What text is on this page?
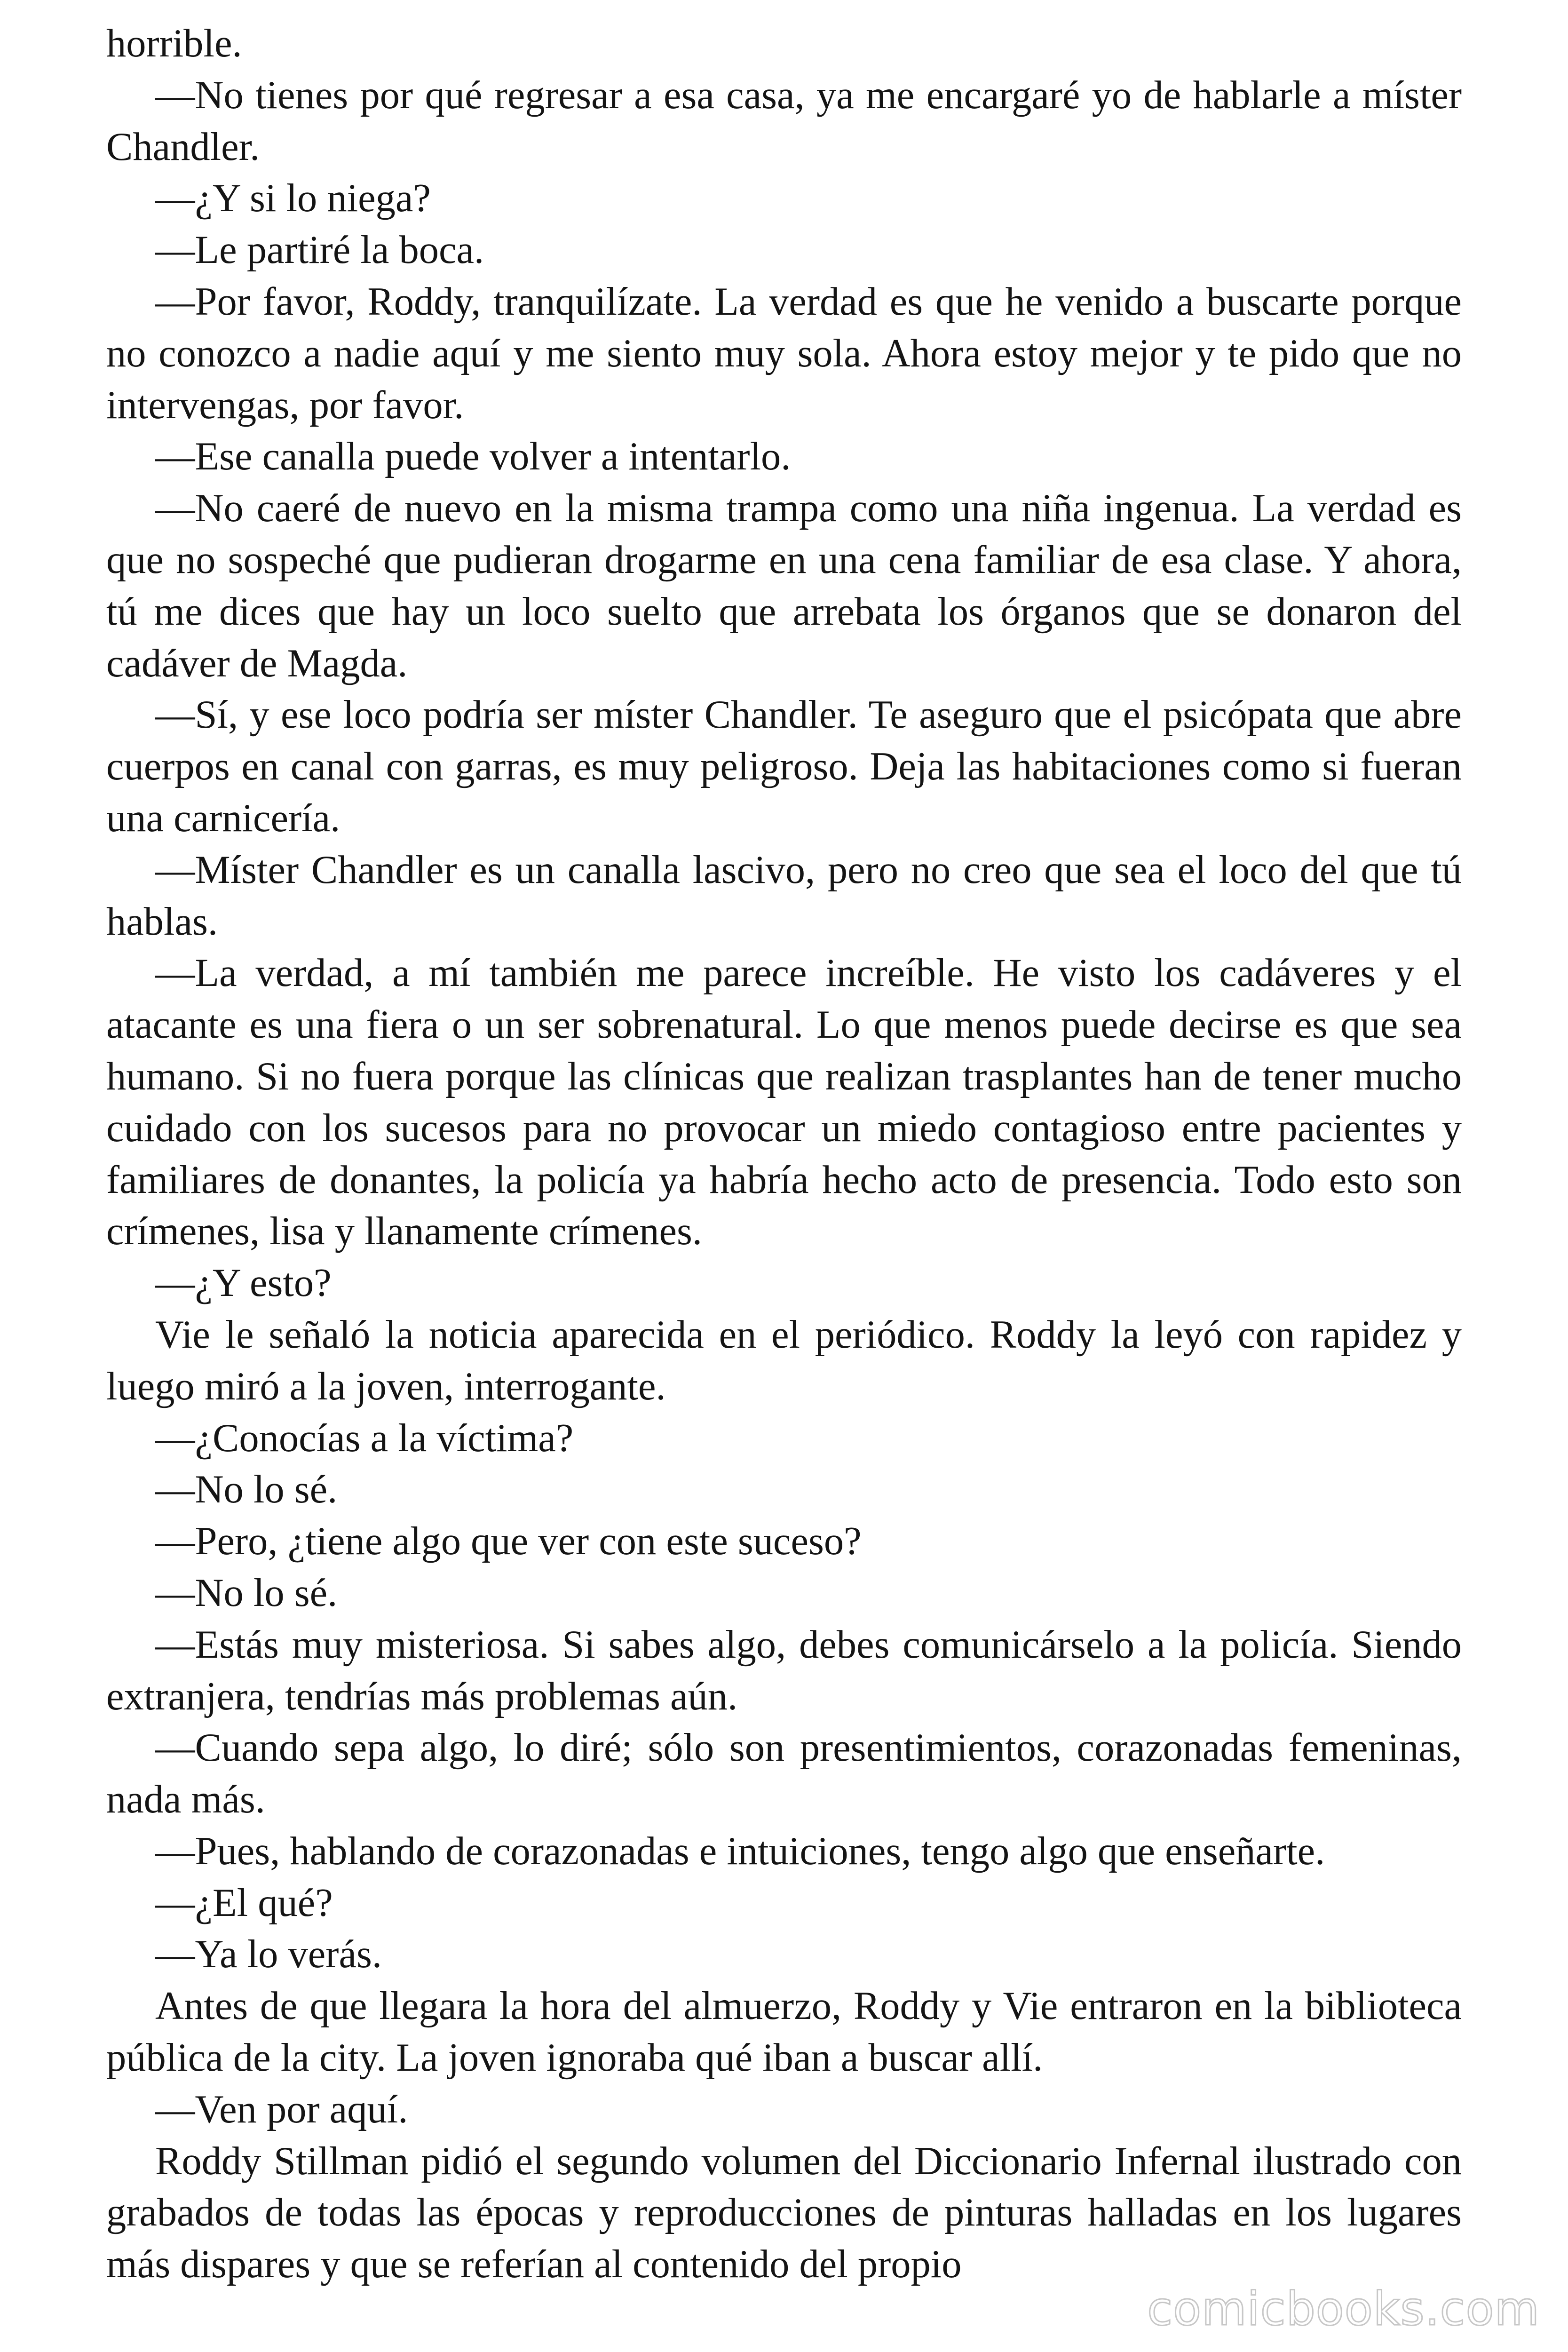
horrible.

—No tienes por qué regresar a esa casa, ya me encargaré yo de hablarle a míster Chandler.

—¿Y si lo niega?

—Le partiré la boca.

—Por favor, Roddy, tranquilízate. La verdad es que he venido a buscarte porque no conozco a nadie aquí y me siento muy sola. Ahora estoy mejor y te pido que no intervengas, por favor.

—Ese canalla puede volver a intentarlo.

—No caeré de nuevo en la misma trampa como una niña ingenua. La verdad es que no sospeché que pudieran drogarme en una cena familiar de esa clase. Y ahora, tú me dices que hay un loco suelto que arrebata los órganos que se donaron del cadáver de Magda.

—Sí, y ese loco podría ser míster Chandler. Te aseguro que el psicópata que abre cuerpos en canal con garras, es muy peligroso. Deja las habitaciones como si fueran una carnicería.

—Míster Chandler es un canalla lascivo, pero no creo que sea el loco del que tú hablas.

—La verdad, a mí también me parece increíble. He visto los cadáveres y el atacante es una fiera o un ser sobrenatural. Lo que menos puede decirse es que sea humano. Si no fuera porque las clínicas que realizan trasplantes han de tener mucho cuidado con los sucesos para no provocar un miedo contagioso entre pacientes y familiares de donantes, la policía ya habría hecho acto de presencia. Todo esto son crímenes, lisa y llanamente crímenes.

—¿Y esto?

Vie le señaló la noticia aparecida en el periódico. Roddy la leyó con rapidez y luego miró a la joven, interrogante.

—¿Conocías a la víctima?

—No lo sé.

—Pero, ¿tiene algo que ver con este suceso?

—No lo sé.

—Estás muy misteriosa. Si sabes algo, debes comunicárselo a la policía. Siendo extranjera, tendrías más problemas aún.

—Cuando sepa algo, lo diré; sólo son presentimientos, corazonadas femeninas, nada más.

—Pues, hablando de corazonadas e intuiciones, tengo algo que enseñarte.

—¿El qué?

—Ya lo verás.

Antes de que llegara la hora del almuerzo, Roddy y Vie entraron en la biblioteca pública de la city. La joven ignoraba qué iban a buscar allí.

—Ven por aquí.

Roddy Stillman pidió el segundo volumen del Diccionario Infernal ilustrado con grabados de todas las épocas y reproducciones de pinturas halladas en los lugares más dispares y que se referían al contenido del propio

comicbooks.com
